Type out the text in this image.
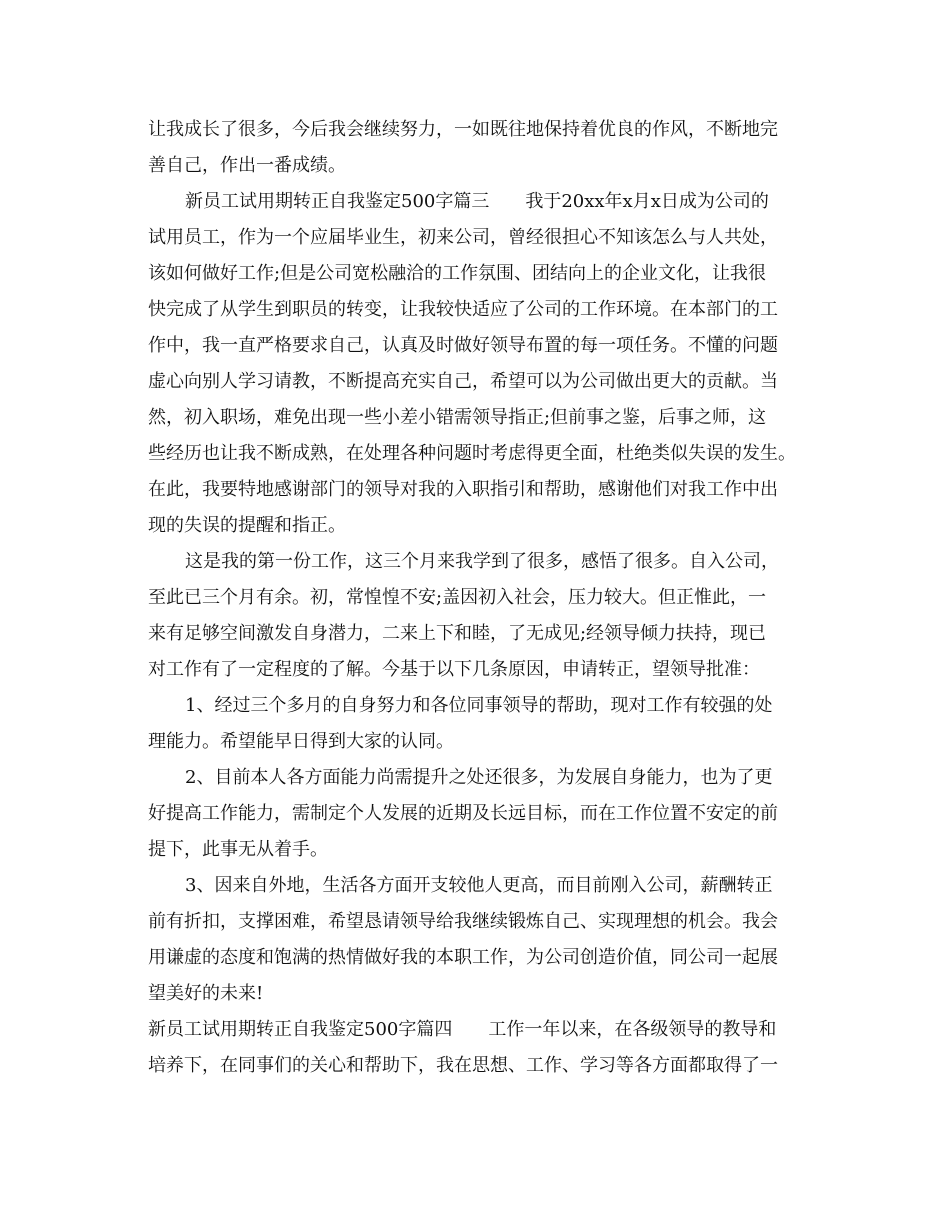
让我成长了很多，今后我会继续努力，一如既往地保持着优良的作风，不断地完
善自己，作出一番成绩。
新员工试用期转正自我鉴定500字篇三　　我于20xx年x月x日成为公司的
试用员工，作为一个应届毕业生，初来公司，曾经很担心不知该怎么与人共处，
该如何做好工作;但是公司宽松融洽的工作氛围、团结向上的企业文化，让我很
快完成了从学生到职员的转变，让我较快适应了公司的工作环境。在本部门的工
作中，我一直严格要求自己，认真及时做好领导布置的每一项任务。不懂的问题
虚心向别人学习请教，不断提高充实自己，希望可以为公司做出更大的贡献。当
然，初入职场，难免出现一些小差小错需领导指正;但前事之鉴，后事之师，这
些经历也让我不断成熟，在处理各种问题时考虑得更全面，杜绝类似失误的发生。
在此，我要特地感谢部门的领导对我的入职指引和帮助，感谢他们对我工作中出
现的失误的提醒和指正。
这是我的第一份工作，这三个月来我学到了很多，感悟了很多。自入公司，
至此已三个月有余。初，常惶惶不安;盖因初入社会，压力较大。但正惟此，一
来有足够空间激发自身潜力，二来上下和睦，了无成见;经领导倾力扶持，现已
对工作有了一定程度的了解。今基于以下几条原因，申请转正，望领导批准：
1、经过三个多月的自身努力和各位同事领导的帮助，现对工作有较强的处
理能力。希望能早日得到大家的认同。
2、目前本人各方面能力尚需提升之处还很多，为发展自身能力，也为了更
好提高工作能力，需制定个人发展的近期及长远目标，而在工作位置不安定的前
提下，此事无从着手。
3、因来自外地，生活各方面开支较他人更高，而目前刚入公司，薪酬转正
前有折扣，支撑困难，希望恳请领导给我继续锻炼自己、实现理想的机会。我会
用谦虚的态度和饱满的热情做好我的本职工作，为公司创造价值，同公司一起展
望美好的未来!
新员工试用期转正自我鉴定500字篇四　　工作一年以来，在各级领导的教导和
培养下，在同事们的关心和帮助下，我在思想、工作、学习等各方面都取得了一
